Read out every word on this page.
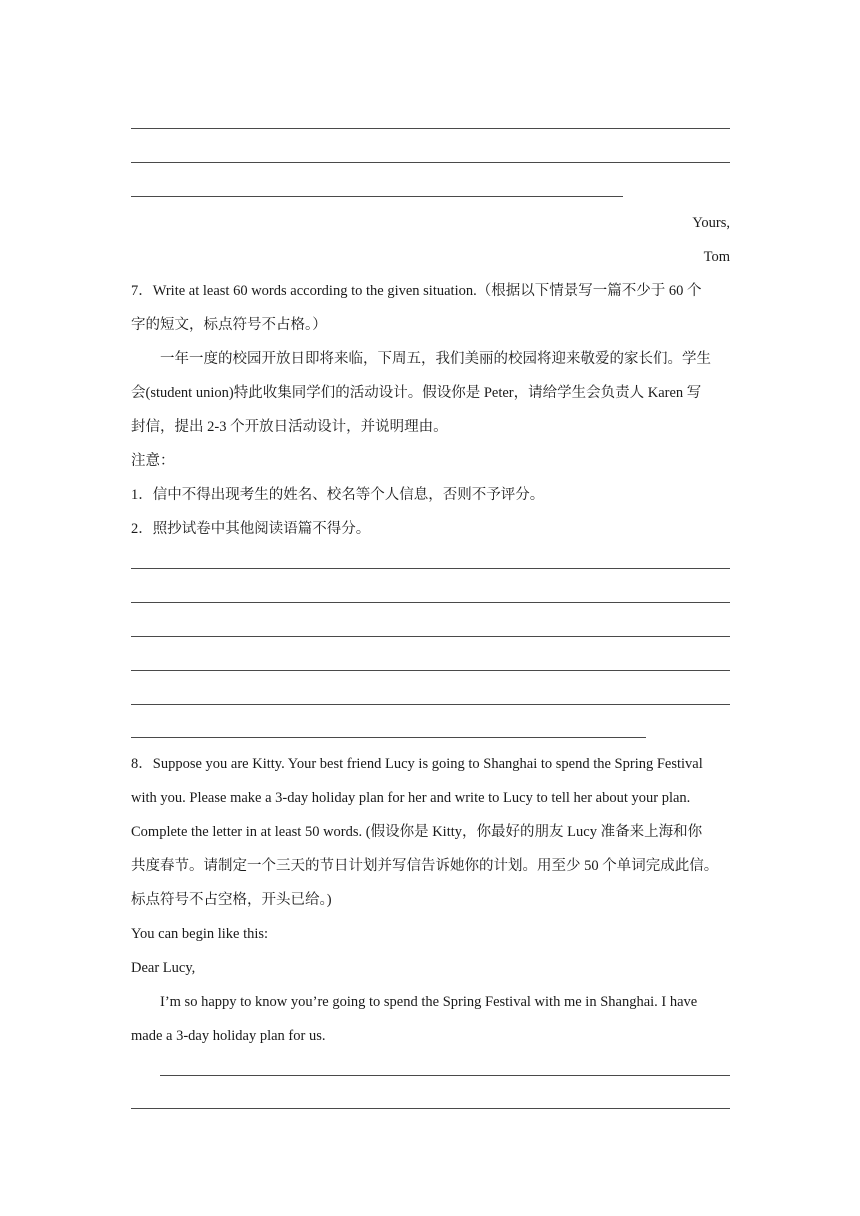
Yours,
Tom
7．Write at least 60 words according to the given situation.（根据以下情景写一篇不少于 60 个
字的短文，标点符号不占格。）
一年一度的校园开放日即将来临，下周五，我们美丽的校园将迎来敬爱的家长们。学生
会(student union)特此收集同学们的活动设计。假设你是 Peter，请给学生会负责人 Karen 写
封信，提出 2-3 个开放日活动设计，并说明理由。
注意：
1．信中不得出现考生的姓名、校名等个人信息，否则不予评分。
2．照抄试卷中其他阅读语篇不得分。
8．Suppose you are Kitty. Your best friend Lucy is going to Shanghai to spend the Spring Festival
with you. Please make a 3-day holiday plan for her and write to Lucy to tell her about your plan.
Complete the letter in at least 50 words. (假设你是 Kitty，你最好的朋友 Lucy 准备来上海和你
共度春节。请制定一个三天的节日计划并写信告诉她你的计划。用至少 50 个单词完成此信。
标点符号不占空格，开头已给。)
You can begin like this:
Dear Lucy,
I’m so happy to know you’re going to spend the Spring Festival with me in Shanghai. I have
made a 3-day holiday plan for us.
